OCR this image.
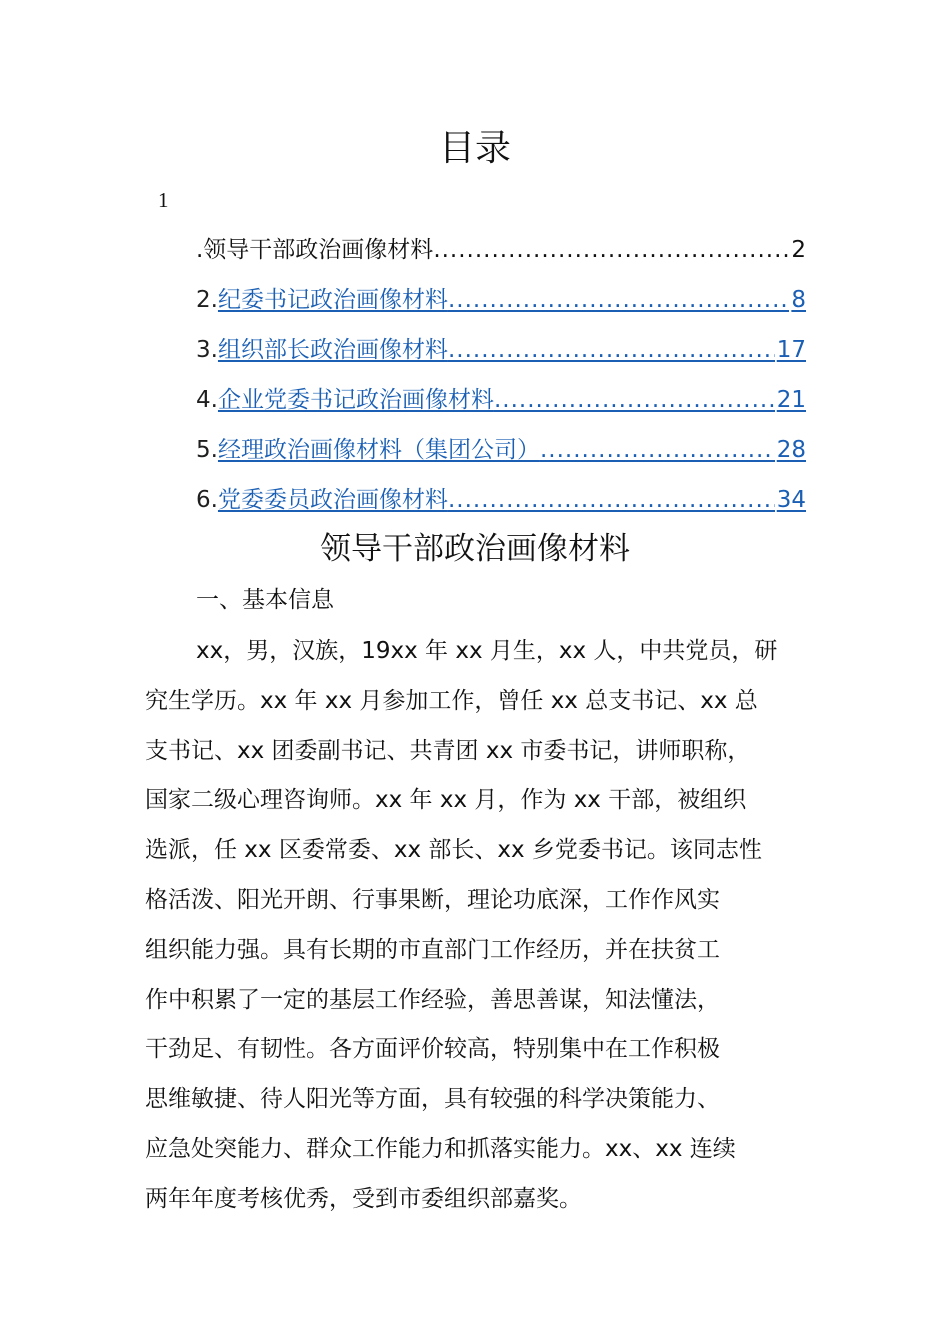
目录
1
.领导干部政治画像材料 .....	2
2. 纪委书记政治画像材料 .....	8
3. 组织部长政治画像材料 .....	17
4. 企业党委书记政治画像材料 .....	21
5. 经理政治画像材料（集团公司） .....	28
6. 党委委员政治画像材料 .....	34
领导干部政治画像材料
一、基本信息

xx，男，汉族，19xx 年 xx 月生，xx 人，中共党员，研
究生学历。xx 年 xx 月参加工作，曾任 xx 总支书记、xx 总
支书记、xx 团委副书记、共青团 xx 市委书记，讲师职称，
国家二级心理咨询师。xx 年 xx 月，作为 xx 干部，被组织
选派，任 xx 区委常委、xx 部长、xx 乡党委书记。该同志性
格活泼、阳光开朗、行事果断，理论功底深，工作作风实
组织能力强。具有长期的市直部门工作经历，并在扶贫工
作中积累了一定的基层工作经验，善思善谋，知法懂法，
干劲足、有韧性。各方面评价较高，特别集中在工作积极
思维敏捷、待人阳光等方面，具有较强的科学决策能力、
应急处突能力、群众工作能力和抓落实能力。xx、xx 连续
两年年度考核优秀，受到市委组织部嘉奖。
